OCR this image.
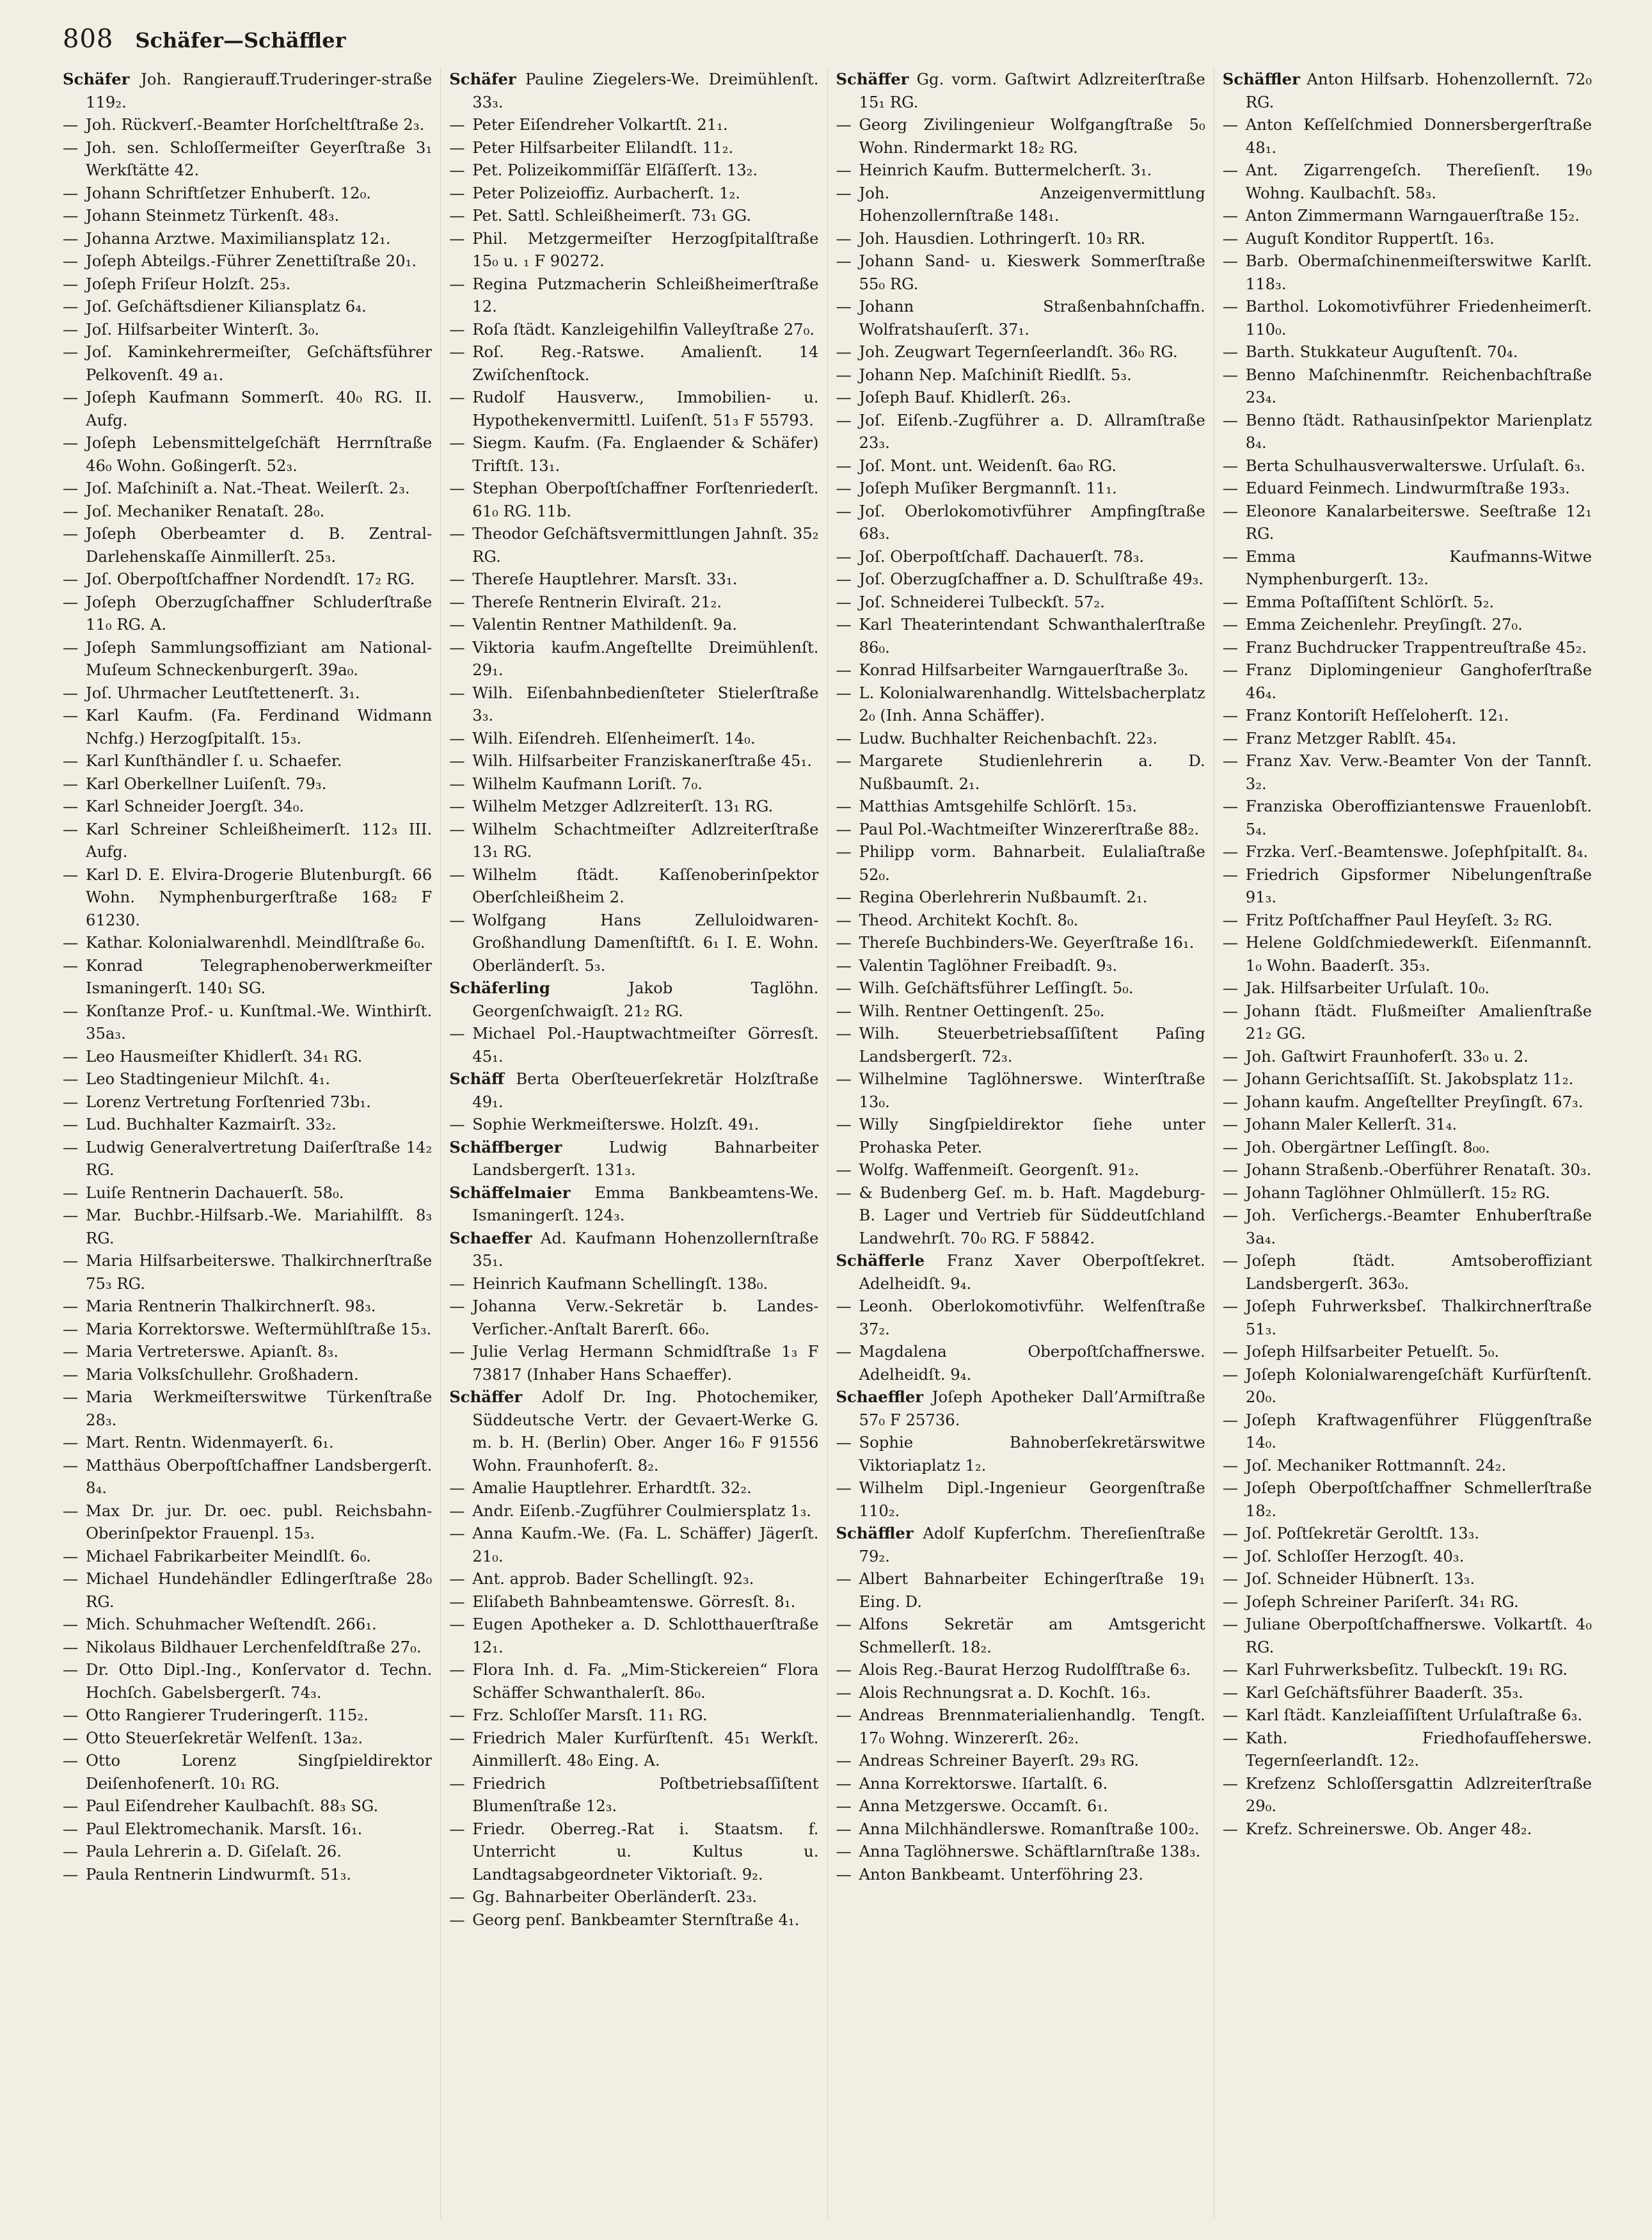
808 Schäfer—Schäffler

Schäfer Joh. Rangierauff.Truderinger-straße 119₂.

— Joh. Rückverſ.-Beamter Horſcheltſtraße 2₃.

— Joh. sen. Schloſſermeiſter Geyerſtraße 3₁ Werkſtätte 42.

— Johann Schriftſetzer Enhuberſt. 12₀.

— Johann Steinmetz Türkenſt. 48₃.

— Johanna Arztwe. Maximiliansplatz 12₁.

— Joſeph Abteilgs.-Führer Zenettiſtraße 20₁.

— Joſeph Friſeur Holzſt. 25₃.

— Joſ. Geſchäftsdiener Kiliansplatz 6₄.

— Joſ. Hilfsarbeiter Winterſt. 3₀.

— Joſ. Kaminkehrermeiſter, Geſchäftsführer Pelkovenſt. 49 a₁.

— Joſeph Kaufmann Sommerſt. 40₀ RG. II. Aufg.

— Joſeph Lebensmittelgeſchäft Herrnſtraße 46₀ Wohn. Goßingerſt. 52₃.

— Joſ. Maſchiniſt a. Nat.-Theat. Weilerſt. 2₃.

— Joſ. Mechaniker Renataſt. 28₀.

— Joſeph Oberbeamter d. B. Zentral-Darlehenskaſſe Ainmillerſt. 25₃.

— Joſ. Oberpoſtſchaffner Nordendſt. 17₂ RG.

— Joſeph Oberzugſchaffner Schluderſtraße 11₀ RG. A.

— Joſeph Sammlungsoffiziant am National-Muſeum Schneckenburgerſt. 39a₀.

— Joſ. Uhrmacher Leutſtettenerſt. 3₁.

— Karl Kaufm. (Fa. Ferdinand Widmann Nchfg.) Herzogſpitalſt. 15₃.

— Karl Kunſthändler ſ. u. Schaefer.

— Karl Oberkellner Luiſenſt. 79₃.

— Karl Schneider Joergſt. 34₀.

— Karl Schreiner Schleißheimerſt. 112₃ III. Aufg.

— Karl D. E. Elvira-Drogerie Blutenburgſt. 66 Wohn. Nymphenburgerſtraße 168₂ F 61230.

— Kathar. Kolonialwarenhdl. Meindlſtraße 6₀.

— Konrad Telegraphenoberwerkmeiſter Ismaningerſt. 140₁ SG.

— Konſtanze Prof.- u. Kunſtmal.-We. Winthirſt. 35a₃.

— Leo Hausmeiſter Khidlerſt. 34₁ RG.

— Leo Stadtingenieur Milchſt. 4₁.

— Lorenz Vertretung Forſtenried 73b₁.

— Lud. Buchhalter Kazmairſt. 33₂.

— Ludwig Generalvertretung Daiſerſtraße 14₂ RG.

— Luiſe Rentnerin Dachauerſt. 58₀.

— Mar. Buchbr.-Hilfsarb.-We. Mariahilfſt. 8₃ RG.

— Maria Hilfsarbeiterswe. Thalkirchnerſtraße 75₃ RG.

— Maria Rentnerin Thalkirchnerſt. 98₃.

— Maria Korrektorswe. Weſtermühlſtraße 15₃.

— Maria Vertreterswe. Apianſt. 8₃.

— Maria Volksſchullehr. Großhadern.

— Maria Werkmeiſterswitwe Türkenſtraße 28₃.

— Mart. Rentn. Widenmayerſt. 6₁.

— Matthäus Oberpoſtſchaffner Landsbergerſt. 8₄.

— Max Dr. jur. Dr. oec. publ. Reichsbahn-Oberinſpektor Frauenpl. 15₃.

— Michael Fabrikarbeiter Meindlſt. 6₀.

— Michael Hundehändler Edlingerſtraße 28₀ RG.

— Mich. Schuhmacher Weſtendſt. 266₁.

— Nikolaus Bildhauer Lerchenfeldſtraße 27₀.

— Dr. Otto Dipl.-Ing., Konſervator d. Techn. Hochſch. Gabelsbergerſt. 74₃.

— Otto Rangierer Truderingerſt. 115₂.

— Otto Steuerſekretär Welfenſt. 13a₂.

— Otto Lorenz Singſpieldirektor Deiſenhofenerſt. 10₁ RG.

— Paul Eiſendreher Kaulbachſt. 88₃ SG.

— Paul Elektromechanik. Marsſt. 16₁.

— Paula Lehrerin a. D. Giſelaſt. 26.

— Paula Rentnerin Lindwurmſt. 51₃.

Schäfer Pauline Ziegelers-We. Dreimühlenſt. 33₃.

— Peter Eiſendreher Volkartſt. 21₁.

— Peter Hilfsarbeiter Elilandſt. 11₂.

— Pet. Polizeikommiſſär Elſäſſerſt. 13₂.

— Peter Polizeioffiz. Aurbacherſt. 1₂.

— Pet. Sattl. Schleißheimerſt. 73₁ GG.

— Phil. Metzgermeiſter Herzogſpitalſtraße 15₀ u. ₁ F 90272.

— Regina Putzmacherin Schleißheimerſtraße 12.

— Roſa ſtädt. Kanzleigehilfin Valleyſtraße 27₀.

— Roſ. Reg.-Ratswe. Amalienſt. 14 Zwiſchenſtock.

— Rudolf Hausverw., Immobilien- u. Hypothekenvermittl. Luiſenſt. 51₃ F 55793.

— Siegm. Kaufm. (Fa. Englaender & Schäfer) Triftſt. 13₁.

— Stephan Oberpoſtſchaffner Forſtenriederſt. 61₀ RG. 11b.

— Theodor Geſchäftsvermittlungen Jahnſt. 35₂ RG.

— Thereſe Hauptlehrer. Marsſt. 33₁.

— Thereſe Rentnerin Elviraſt. 21₂.

— Valentin Rentner Mathildenſt. 9a.

— Viktoria kaufm.Angeſtellte Dreimühlenſt. 29₁.

— Wilh. Eiſenbahnbedienſteter Stielerſtraße 3₃.

— Wilh. Eiſendreh. Elſenheimerſt. 14₀.

— Wilh. Hilfsarbeiter Franziskanerſtraße 45₁.

— Wilhelm Kaufmann Loriſt. 7₀.

— Wilhelm Metzger Adlzreiterſt. 13₁ RG.

— Wilhelm Schachtmeiſter Adlzreiterſtraße 13₁ RG.

— Wilhelm ſtädt. Kaſſenoberinſpektor Oberſchleißheim 2.

— Wolfgang Hans Zelluloidwaren-Großhandlung Damenſtiftſt. 6₁ I. E. Wohn. Oberländerſt. 5₃.

Schäferling	Jakob Taglöhn. Georgenſchwaigſt. 21₂ RG.

— Michael Pol.-Hauptwachtmeiſter Görresſt. 45₁.

Schäff Berta Oberſteuerſekretär Holzſtraße 49₁.

— Sophie Werkmeiſterswe. Holzſt. 49₁.

Schäffberger	Ludwig Bahnarbeiter Landsbergerſt. 131₃.

Schäffelmaier Emma Bankbeamtens-We. Ismaningerſt. 124₃.

Schaeffer Ad. Kaufmann Hohenzollernſtraße 35₁.

— Heinrich Kaufmann Schellingſt. 138₀.

— Johanna Verw.-Sekretär b. Landes-Verſicher.-Anſtalt Barerſt. 66₀.

— Julie Verlag Hermann Schmidſtraße 1₃ F 73817 (Inhaber Hans Schaeffer).

Schäffer Adolf Dr. Ing. Photochemiker, Süddeutsche Vertr. der Gevaert-Werke G. m. b. H. (Berlin) Ober. Anger 16₀ F 91556 Wohn. Fraunhoferſt. 8₂.

— Amalie Hauptlehrer. Erhardtſt. 32₂.

— Andr. Eiſenb.-Zugführer Coulmiersplatz 1₃.

— Anna Kaufm.-We. (Fa. L. Schäffer) Jägerſt. 21₀.

— Ant. approb. Bader Schellingſt. 92₃.

— Eliſabeth Bahnbeamtenswe. Görresſt. 8₁.

— Eugen Apotheker a. D. Schlotthauerſtraße 12₁.

— Flora Inh. d. Fa. „Mim-Stickereien“ Flora Schäffer Schwanthalerſt. 86₀.

— Frz. Schloſſer Marsſt. 11₁ RG.

— Friedrich Maler Kurfürſtenſt. 45₁ Werkſt. Ainmillerſt. 48₀ Eing. A.

— Friedrich Poſtbetriebsaſſiſtent Blumenſtraße 12₃.

— Friedr. Oberreg.-Rat i. Staatsm. f. Unterricht u. Kultus u. Landtagsabgeordneter Viktoriaſt. 9₂.

— Gg. Bahnarbeiter Oberländerſt. 23₃.

— Georg penſ. Bankbeamter Sternſtraße 4₁.

Schäffer Gg. vorm. Gaſtwirt Adlzreiterſtraße 15₁ RG.

— Georg Zivilingenieur Wolfgangſtraße 5₀ Wohn. Rindermarkt 18₂ RG.

— Heinrich Kaufm. Buttermelcherſt. 3₁.

— Joh. Anzeigenvermittlung Hohenzollernſtraße 148₁.

— Joh. Hausdien. Lothringerſt. 10₃ RR.

— Johann Sand- u. Kieswerk Sommerſtraße 55₀ RG.

— Johann Straßenbahnſchaffn. Wolfratshauſerſt. 37₁.

— Joh. Zeugwart Tegernſeerlandſt. 36₀ RG.

— Johann Nep. Maſchiniſt Riedlſt. 5₃.

— Joſeph Bauf. Khidlerſt. 26₃.

— Joſ. Eiſenb.-Zugführer a. D. Allramſtraße 23₃.

— Joſ. Mont. unt. Weidenſt. 6a₀ RG.

— Joſeph Muſiker Bergmannſt. 11₁.

— Joſ. Oberlokomotivführer Ampfingſtraße 68₃.

— Joſ. Oberpoſtſchaff. Dachauerſt. 78₃.

— Joſ. Oberzugſchaffner a. D. Schulſtraße 49₃.

— Joſ. Schneiderei Tulbeckſt. 57₂.

— Karl Theaterintendant Schwanthalerſtraße 86₀.

— Konrad Hilfsarbeiter Warngauerſtraße 3₀.

— L. Kolonialwarenhandlg. Wittelsbacherplatz 2₀ (Inh. Anna Schäffer).

— Ludw. Buchhalter Reichenbachſt. 22₃.

— Margarete Studienlehrerin a. D. Nußbaumſt. 2₁.

— Matthias Amtsgehilfe Schlörſt. 15₃.

— Paul Pol.-Wachtmeiſter Winzererſtraße 88₂.

— Philipp vorm. Bahnarbeit. Eulaliaſtraße 52₀.

— Regina Oberlehrerin Nußbaumſt. 2₁.

— Theod. Architekt Kochſt. 8₀.

— Thereſe Buchbinders-We. Geyerſtraße 16₁.

— Valentin Taglöhner Freibadſt. 9₃.

— Wilh. Geſchäftsführer Leſſingſt. 5₀.

— Wilh. Rentner Oettingenſt. 25₀.

— Wilh. Steuerbetriebsaſſiſtent Paſing Landsbergerſt. 72₃.

— Wilhelmine Taglöhnerswe. Winterſtraße 13₀.

— Willy Singſpieldirektor ſiehe unter Prohaska Peter.

— Wolfg. Waffenmeiſt. Georgenſt. 91₂.

— & Budenberg Geſ. m. b. Haft. Magdeburg-B. Lager und Vertrieb für Süddeutſchland Landwehrſt. 70₀ RG. F 58842.

Schäfferle Franz Xaver Oberpoſtſekret. Adelheidſt. 9₄.

— Leonh. Oberlokomotivführ. Welfenſtraße 37₂.

— Magdalena Oberpoſtſchaffnerswe. Adelheidſt. 9₄.

Schaeffler Joſeph Apotheker Dall’Armiſtraße 57₀ F 25736.

— Sophie Bahnoberſekretärswitwe Viktoriaplatz 1₂.

— Wilhelm Dipl.-Ingenieur Georgenſtraße 110₂.

Schäffler Adolf Kupferſchm. Thereſienſtraße 79₂.

— Albert Bahnarbeiter Echingerſtraße 19₁ Eing. D.

— Alfons Sekretär am Amtsgericht Schmellerſt. 18₂.

— Alois Reg.-Baurat Herzog Rudolfſtraße 6₃.

— Alois Rechnungsrat a. D. Kochſt. 16₃.

— Andreas Brennmaterialienhandlg. Tengſt. 17₀ Wohng. Winzererſt. 26₂.

— Andreas Schreiner Bayerſt. 29₃ RG.

— Anna Korrektorswe. Iſartalſt. 6.

— Anna Metzgerswe. Occamſt. 6₁.

— Anna Milchhändlerswe. Romanſtraße 100₂.

— Anna Taglöhnerswe. Schäftlarnſtraße 138₃.

— Anton Bankbeamt. Unterföhring 23.

Schäffler Anton Hilfsarb. Hohenzollernſt. 72₀ RG.

— Anton Keſſelſchmied Donnersbergerſtraße 48₁.

— Ant. Zigarrengeſch. Thereſienſt. 19₀ Wohng. Kaulbachſt. 58₃.

— Anton Zimmermann Warngauerſtraße 15₂.

— Auguſt Konditor Ruppertſt. 16₃.

— Barb. Obermaſchinenmeiſterswitwe Karlſt. 118₃.

— Barthol. Lokomotivführer Friedenheimerſt. 110₀.

— Barth. Stukkateur Auguſtenſt. 70₄.

— Benno Maſchinenmſtr. Reichenbachſtraße 23₄.

— Benno ſtädt. Rathausinſpektor Marienplatz 8₄.

— Berta Schulhausverwalterswe. Urſulaſt. 6₃.

— Eduard Feinmech. Lindwurmſtraße 193₃.

— Eleonore Kanalarbeiterswe. Seeſtraße 12₁ RG.

— Emma Kaufmanns-Witwe Nymphenburgerſt. 13₂.

— Emma Poſtaſſiſtent Schlörſt. 5₂.

— Emma Zeichenlehr. Preyſingſt. 27₀.

— Franz Buchdrucker Trappentreuſtraße 45₂.

— Franz Diplomingenieur Ganghoferſtraße 46₄.

— Franz Kontoriſt Heſſeloherſt. 12₁.

— Franz Metzger Rablſt. 45₄.

— Franz Xav. Verw.-Beamter Von der Tannſt. 3₂.

— Franziska Oberoffiziantenswe Frauenlobſt. 5₄.

— Frzka. Verſ.-Beamtenswe. Joſephſpitalſt. 8₄.

— Friedrich Gipsformer Nibelungenſtraße 91₃.

— Fritz Poſtſchaffner Paul Heyſeſt. 3₂ RG.

— Helene Goldſchmiedewerkſt. Eiſenmannſt. 1₀ Wohn. Baaderſt. 35₃.

— Jak. Hilfsarbeiter Urſulaſt. 10₀.

— Johann ſtädt. Flußmeiſter Amalienſtraße 21₂ GG.

— Joh. Gaſtwirt Fraunhoferſt. 33₀ u. 2.

— Johann Gerichtsaſſiſt. St. Jakobsplatz 11₂.

— Johann kaufm. Angeſtellter Preyſingſt. 67₃.

— Johann Maler Kellerſt. 31₄.

— Joh. Obergärtner Leſſingſt. 8₀₀.

— Johann Straßenb.-Oberführer Renataſt. 30₃.

— Johann Taglöhner Ohlmüllerſt. 15₂ RG.

— Joh. Verſichergs.-Beamter Enhuberſtraße 3a₄.

— Joſeph ſtädt. Amtsoberoffiziant Landsbergerſt. 363₀.

— Joſeph Fuhrwerksbeſ. Thalkirchnerſtraße 51₃.

— Joſeph Hilfsarbeiter Petuelſt. 5₀.

— Joſeph Kolonialwarengeſchäft Kurfürſtenſt. 20₀.

— Joſeph Kraftwagenführer Flüggenſtraße 14₀.

— Joſ. Mechaniker Rottmannſt. 24₂.

— Joſeph Oberpoſtſchaffner Schmellerſtraße 18₂.

— Joſ. Poſtſekretär Geroltſt. 13₃.

— Joſ. Schloſſer Herzogſt. 40₃.

— Joſ. Schneider Hübnerſt. 13₃.

— Joſeph Schreiner Pariſerſt. 34₁ RG.

— Juliane Oberpoſtſchaffnerswe. Volkartſt. 4₀ RG.

— Karl Fuhrwerksbeſitz. Tulbeckſt. 19₁ RG.

— Karl Geſchäftsführer Baaderſt. 35₃.

— Karl ſtädt. Kanzleiaſſiſtent Urſulaſtraße 6₃.

— Kath. Friedhofaufſeherswe. Tegernſeerlandſt. 12₂.

— Krefzenz Schloſſersgattin Adlzreiterſtraße 29₀.

— Krefz. Schreinerswe. Ob. Anger 48₂.
